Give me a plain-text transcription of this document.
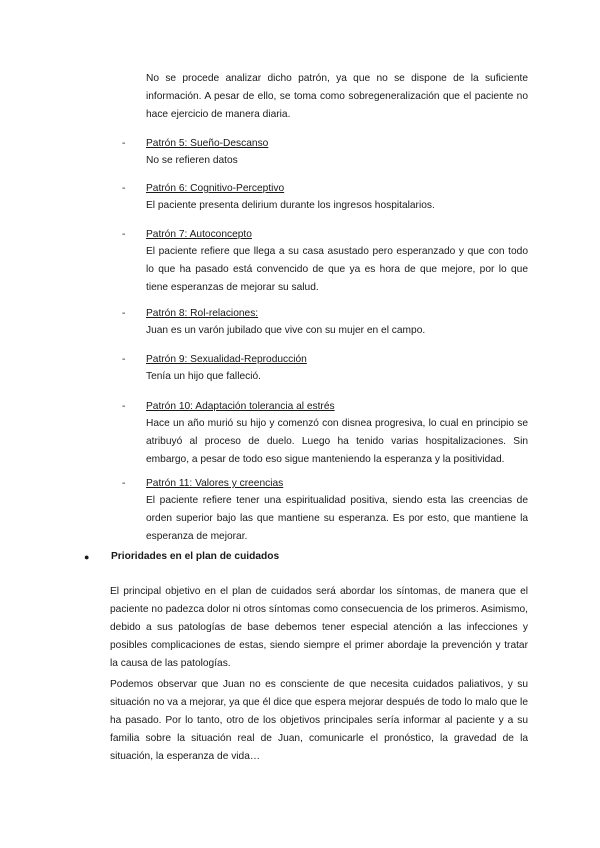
No se procede analizar dicho patrón, ya que no se dispone de la suficiente información. A pesar de ello, se toma como sobregeneralización que el paciente no hace ejercicio de manera diaria.
-	Patrón 5: Sueño-Descanso
No se refieren datos
-	Patrón 6: Cognitivo-Perceptivo
El paciente presenta delirium durante los ingresos hospitalarios.
-	Patrón 7: Autoconcepto
El paciente refiere que llega a su casa asustado pero esperanzado y que con todo lo que ha pasado está convencido de que ya es hora de que mejore, por lo que tiene esperanzas de mejorar su salud.
-	Patrón 8: Rol-relaciones:
Juan es un varón jubilado que vive con su mujer en el campo.
-	Patrón 9: Sexualidad-Reproducción
Tenía un hijo que falleció.
-	Patrón 10: Adaptación tolerancia al estrés
Hace un año murió su hijo y comenzó con disnea progresiva, lo cual en principio se atribuyó al proceso de duelo. Luego ha tenido varias hospitalizaciones. Sin embargo, a pesar de todo eso sigue manteniendo la esperanza y la positividad.
-	Patrón 11: Valores y creencias
El paciente refiere tener una espiritualidad positiva, siendo esta las creencias de orden superior bajo las que mantiene su esperanza. Es por esto, que mantiene la esperanza de mejorar.
● Prioridades en el plan de cuidados
El principal objetivo en el plan de cuidados será abordar los síntomas, de manera que el paciente no padezca dolor ni otros síntomas como consecuencia de los primeros. Asimismo, debido a sus patologías de base debemos tener especial atención a las infecciones y posibles complicaciones de estas, siendo siempre el primer abordaje la prevención y tratar la causa de las patologías.
Podemos observar que Juan no es consciente de que necesita cuidados paliativos, y su situación no va a mejorar, ya que él dice que espera mejorar después de todo lo malo que le ha pasado. Por lo tanto, otro de los objetivos principales sería informar al paciente y a su familia sobre la situación real de Juan, comunicarle el pronóstico, la gravedad de la situación, la esperanza de vida…
